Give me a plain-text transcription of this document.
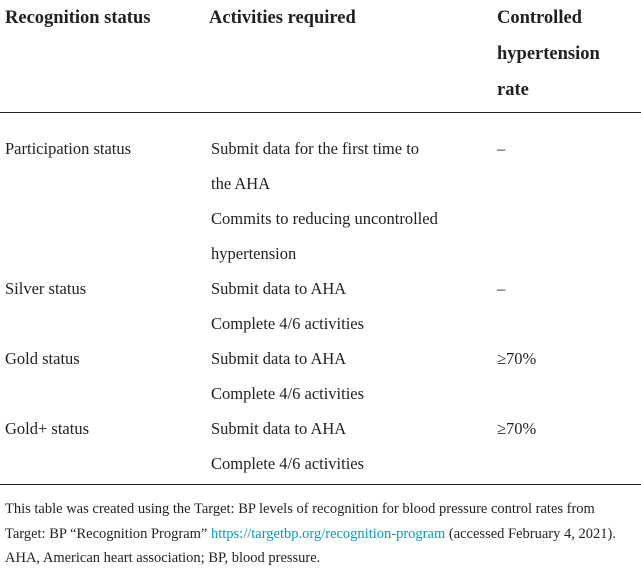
Recognition status	Activities required	Controlled
hypertension
rate

Participation status	Submit data for the first time to
the AHA
Commits to reducing uncontrolled
hypertension	–
Silver status	Submit data to AHA
Complete 4/6 activities	–
Gold status	Submit data to AHA
Complete 4/6 activities	≥70%
Gold+ status	Submit data to AHA
Complete 4/6 activities	≥70%

This table was created using the Target: BP levels of recognition for blood pressure control rates from Target: BP “Recognition Program” https://targetbp.org/recognition-program (accessed February 4, 2021). AHA, American heart association; BP, blood pressure.
